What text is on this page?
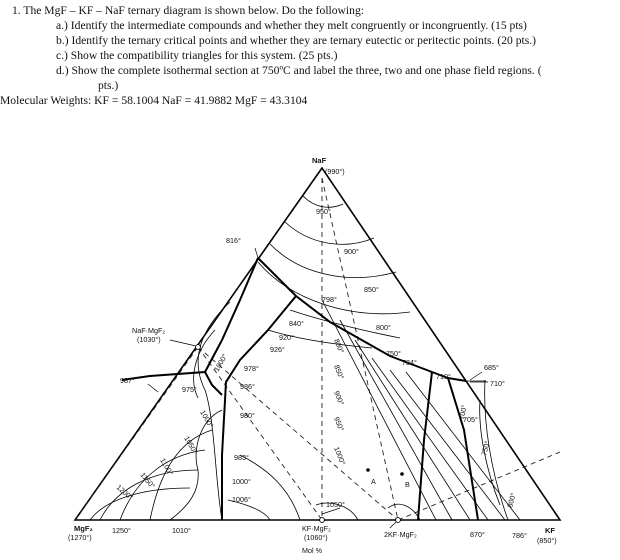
1. The MgF – KF – NaF ternary diagram is shown below. Do the following:
a.) Identify the intermediate compounds and whether they melt congruently or incongruently. (15 pts)
b.) Identify the ternary critical points and whether they are ternary eutectic or peritectic points. (20 pts.)
c.) Show the compatibility triangles for this system. (25 pts.)
d.) Show the complete isothermal section at 750ºC and label the three, two and one phase field regions. (
pts.)
Molecular Weights: KF = 58.1004 NaF = 41.9882 MgF = 43.3104
NaF
(990°)
MgF₂
(1270°)
KF
(850°)
NaF·MgF₂
(1030°)
KF·MgF₂
(1060°)	2KF·MgF₂
Mol %
A	B
950°
900°
850°
800°
816°
798°
840°
920°
926°	750°
734°
710°
685°
710°
705°
700°
987°
975°
978°
986°
980°
983°
1000°
1006°
1050°
1250°	1010°	870°	786°
1000°
1000°
1050°
1100°
1150°
1200°
800°
850°
900°
950°
1000°	750°
800°
